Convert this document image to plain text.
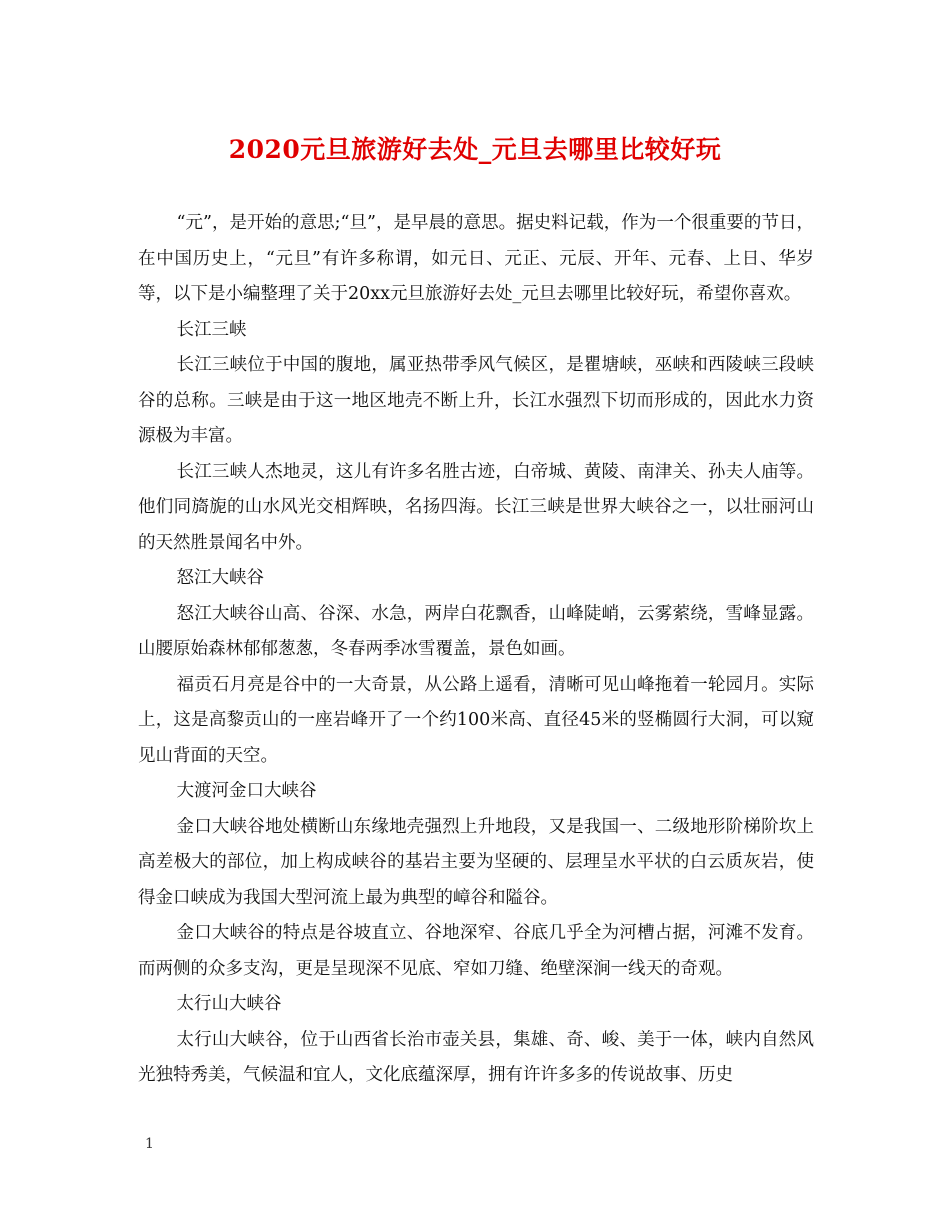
2020元旦旅游好去处_元旦去哪里比较好玩

“元”，是开始的意思;“旦”，是早晨的意思。据史料记载，作为一个很重要的节日，在中国历史上，“元旦”有许多称谓，如元日、元正、元辰、开年、元春、上日、华岁等，以下是小编整理了关于20xx元旦旅游好去处_元旦去哪里比较好玩，希望你喜欢。

长江三峡

长江三峡位于中国的腹地，属亚热带季风气候区，是瞿塘峡，巫峡和西陵峡三段峡谷的总称。三峡是由于这一地区地壳不断上升，长江水强烈下切而形成的，因此水力资源极为丰富。

长江三峡人杰地灵，这儿有许多名胜古迹，白帝城、黄陵、南津关、孙夫人庙等。他们同旖旎的山水风光交相辉映，名扬四海。长江三峡是世界大峡谷之一，以壮丽河山的天然胜景闻名中外。

怒江大峡谷

怒江大峡谷山高、谷深、水急，两岸白花飘香，山峰陡峭，云雾萦绕，雪峰显露。山腰原始森林郁郁葱葱，冬春两季冰雪覆盖，景色如画。

福贡石月亮是谷中的一大奇景，从公路上遥看，清晰可见山峰拖着一轮园月。实际上，这是高黎贡山的一座岩峰开了一个约100米高、直径45米的竖椭圆行大洞，可以窥见山背面的天空。

大渡河金口大峡谷

金口大峡谷地处横断山东缘地壳强烈上升地段，又是我国一、二级地形阶梯阶坎上高差极大的部位，加上构成峡谷的基岩主要为坚硬的、层理呈水平状的白云质灰岩，使得金口峡成为我国大型河流上最为典型的嶂谷和隘谷。

金口大峡谷的特点是谷坡直立、谷地深窄、谷底几乎全为河槽占据，河滩不发育。而两侧的众多支沟，更是呈现深不见底、窄如刀缝、绝壁深涧一线天的奇观。

太行山大峡谷

太行山大峡谷，位于山西省长治市壶关县，集雄、奇、峻、美于一体，峡内自然风光独特秀美，气候温和宜人，文化底蕴深厚，拥有许许多多的传说故事、历史

1
